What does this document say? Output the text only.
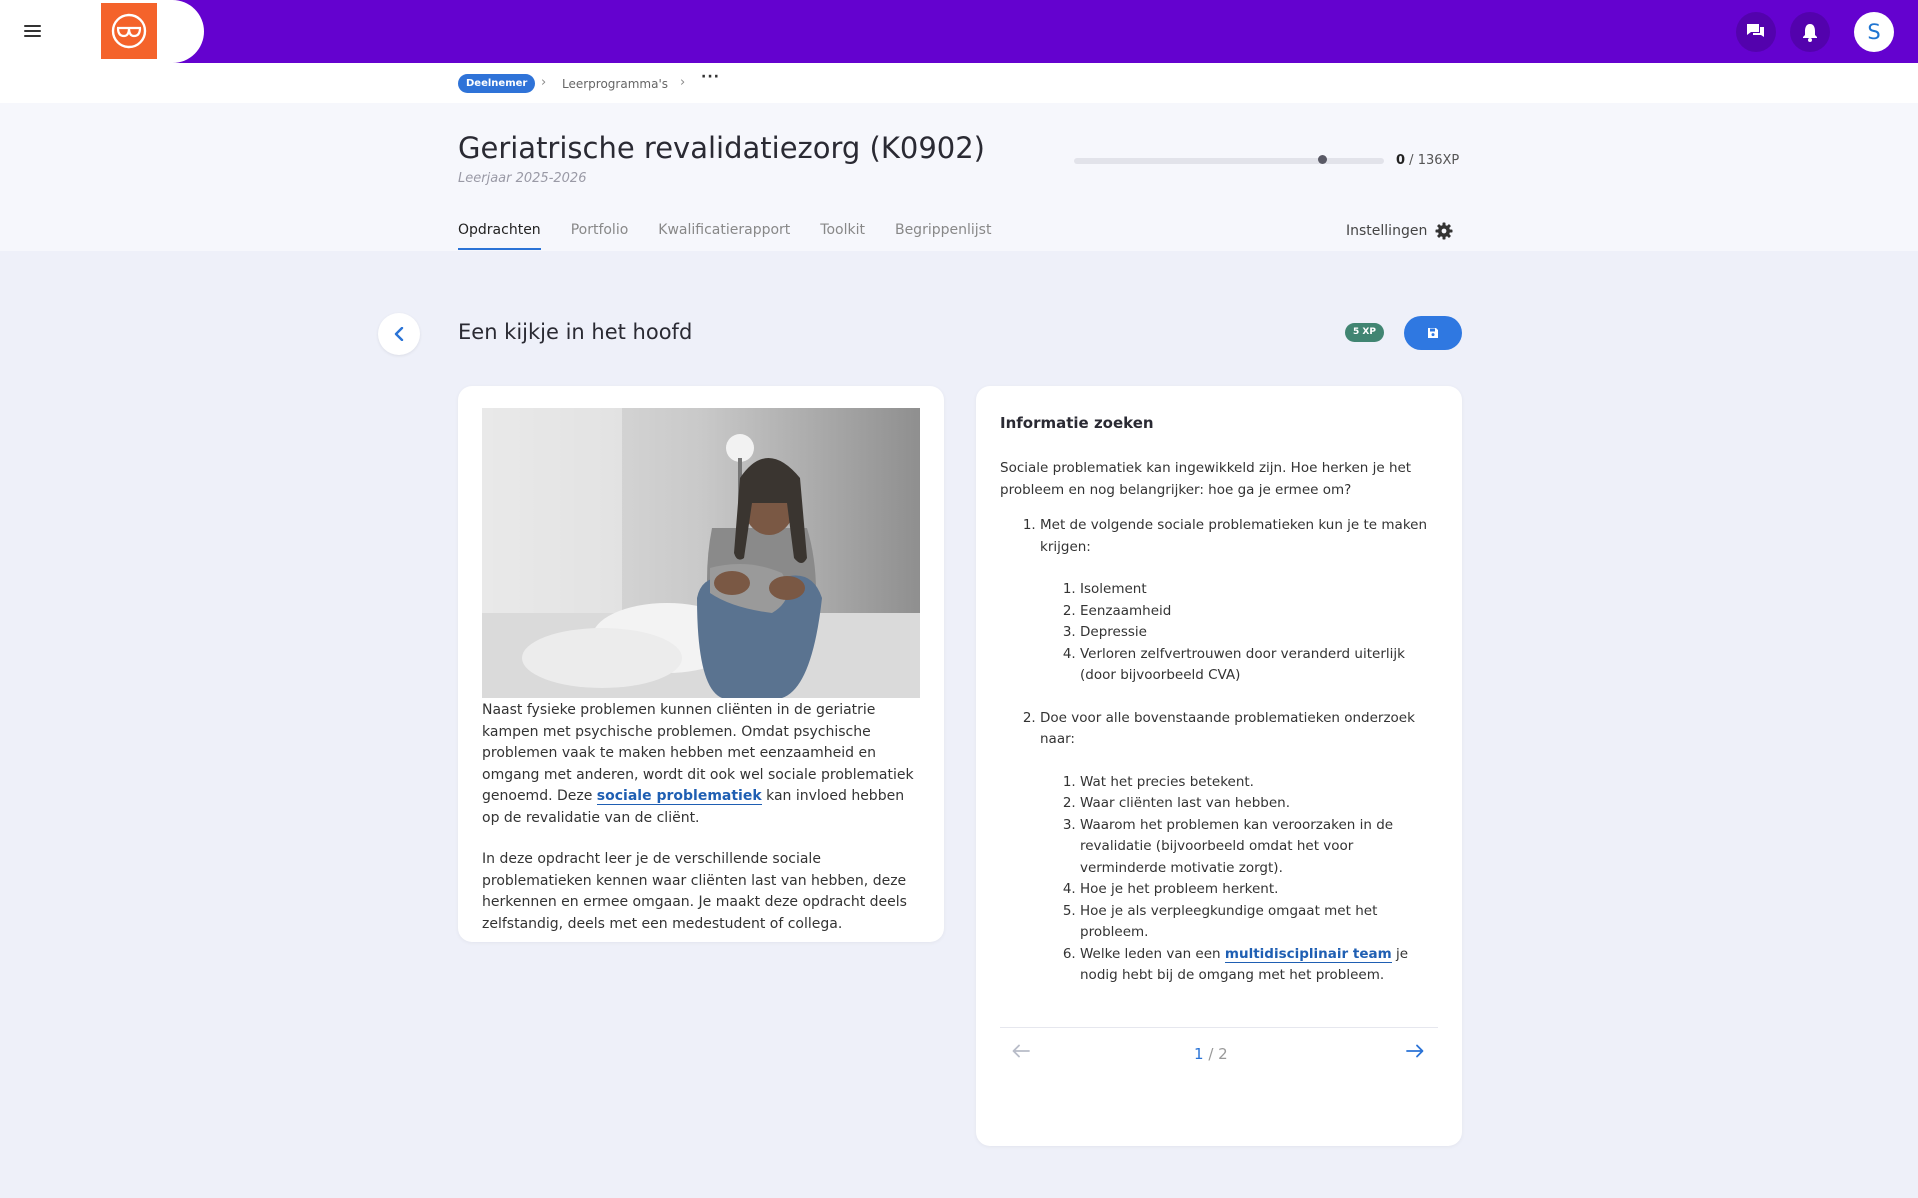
S
Deelnemer	› Leerprogramma's › ···
Geriatrische revalidatiezorg (K0902)
Leerjaar 2025-2026
0 / 136XP
Opdrachten Portfolio Kwalificatierapport Toolkit Begrippenlijst	Instellingen
Een kijkje in het hoofd	5 XP

Naast fysieke problemen kunnen cliënten in de geriatrie kampen met psychische problemen. Omdat psychische problemen vaak te maken hebben met eenzaamheid en omgang met anderen, wordt dit ook wel sociale problematiek genoemd. Deze sociale problematiek kan invloed hebben op de revalidatie van de cliënt.

In deze opdracht leer je de verschillende sociale problematieken kennen waar cliënten last van hebben, deze herkennen en ermee omgaan. Je maakt deze opdracht deels zelfstandig, deels met een medestudent of collega.

Informatie zoeken

Sociale problematiek kan ingewikkeld zijn. Hoe herken je het probleem en nog belangrijker: hoe ga je ermee om?

1. Met de volgende sociale problematieken kun je te maken krijgen:
1. Isolement
2. Eenzaamheid
3. Depressie
4. Verloren zelfvertrouwen door veranderd uiterlijk (door bijvoorbeeld CVA)
2. Doe voor alle bovenstaande problematieken onderzoek naar:
1. Wat het precies betekent.
2. Waar cliënten last van hebben.
3. Waarom het problemen kan veroorzaken in de revalidatie (bijvoorbeeld omdat het voor verminderde motivatie zorgt).
4. Hoe je het probleem herkent.
5. Hoe je als verpleegkundige omgaat met het probleem.
6. Welke leden van een multidisciplinair team je nodig hebt bij de omgang met het probleem.
1 / 2
